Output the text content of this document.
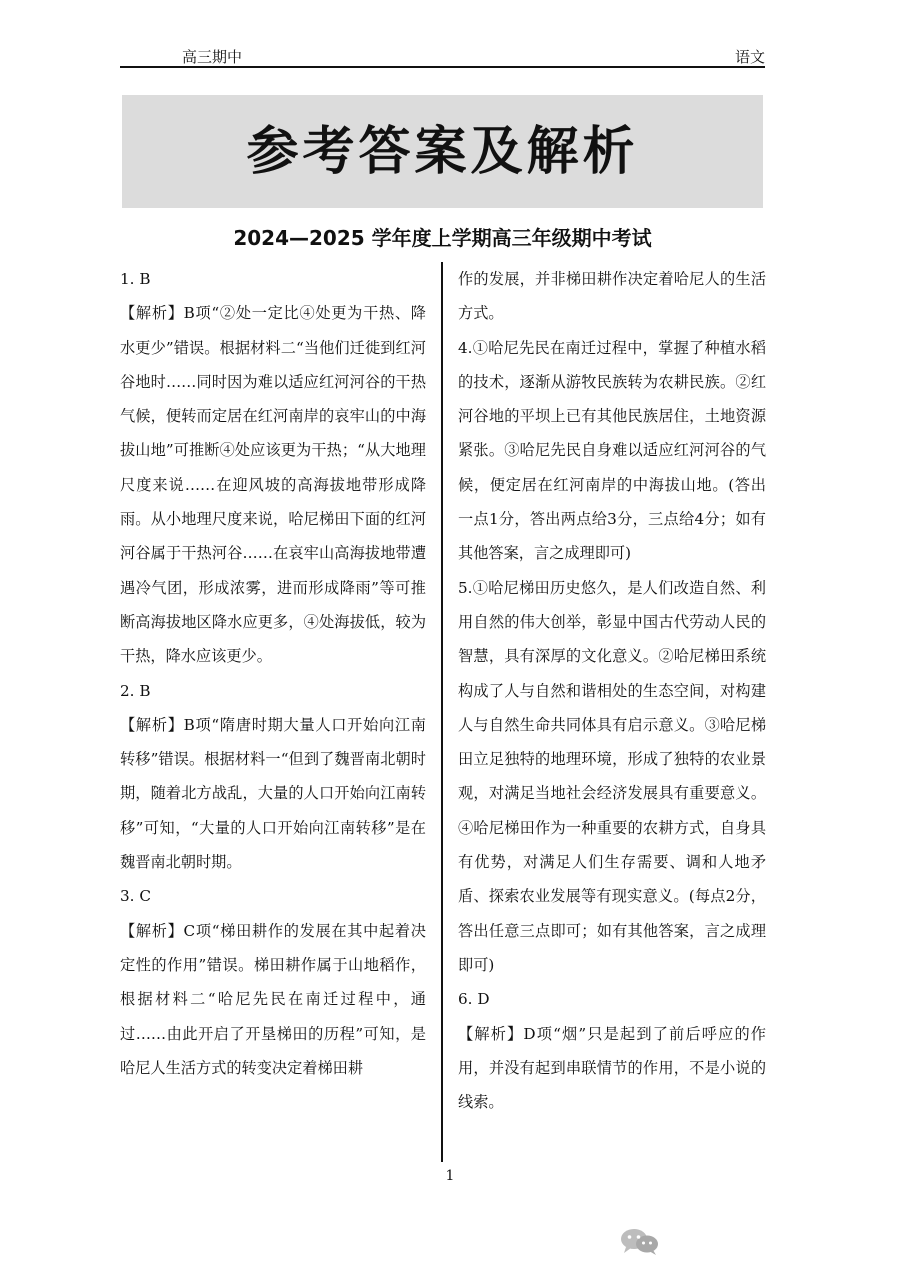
高三期中	语文
参考答案及解析
2024—2025 学年度上学期高三年级期中考试

1. B

【解析】B项“②处一定比④处更为干热、降水更少”错误。根据材料二“当他们迁徙到红河谷地时……同时因为难以适应红河河谷的干热气候，便转而定居在红河南岸的哀牢山的中海拔山地”可推断④处应该更为干热；“从大地理尺度来说……在迎风坡的高海拔地带形成降雨。从小地理尺度来说，哈尼梯田下面的红河河谷属于干热河谷……在哀牢山高海拔地带遭遇冷气团，形成浓雾，进而形成降雨”等可推断高海拔地区降水应更多，④处海拔低，较为干热，降水应该更少。

2. B

【解析】B项“隋唐时期大量人口开始向江南转移”错误。根据材料一“但到了魏晋南北朝时期，随着北方战乱，大量的人口开始向江南转移”可知，“大量的人口开始向江南转移”是在魏晋南北朝时期。

3. C

【解析】C项“梯田耕作的发展在其中起着决定性的作用”错误。梯田耕作属于山地稻作，根据材料二“哈尼先民在南迁过程中，通过……由此开启了开垦梯田的历程”可知，是哈尼人生活方式的转变决定着梯田耕

作的发展，并非梯田耕作决定着哈尼人的生活方式。

4.①哈尼先民在南迁过程中，掌握了种植水稻的技术，逐渐从游牧民族转为农耕民族。②红河谷地的平坝上已有其他民族居住，土地资源紧张。③哈尼先民自身难以适应红河河谷的气候，便定居在红河南岸的中海拔山地。(答出一点1分，答出两点给3分，三点给4分；如有其他答案，言之成理即可)

5.①哈尼梯田历史悠久，是人们改造自然、利用自然的伟大创举，彰显中国古代劳动人民的智慧，具有深厚的文化意义。②哈尼梯田系统构成了人与自然和谐相处的生态空间，对构建人与自然生命共同体具有启示意义。③哈尼梯田立足独特的地理环境，形成了独特的农业景观，对满足当地社会经济发展具有重要意义。④哈尼梯田作为一种重要的农耕方式，自身具有优势，对满足人们生存需要、调和人地矛盾、探索农业发展等有现实意义。(每点2分，答出任意三点即可；如有其他答案，言之成理即可)

6. D

【解析】D项“烟”只是起到了前后呼应的作用，并没有起到串联情节的作用，不是小说的线索。

1
